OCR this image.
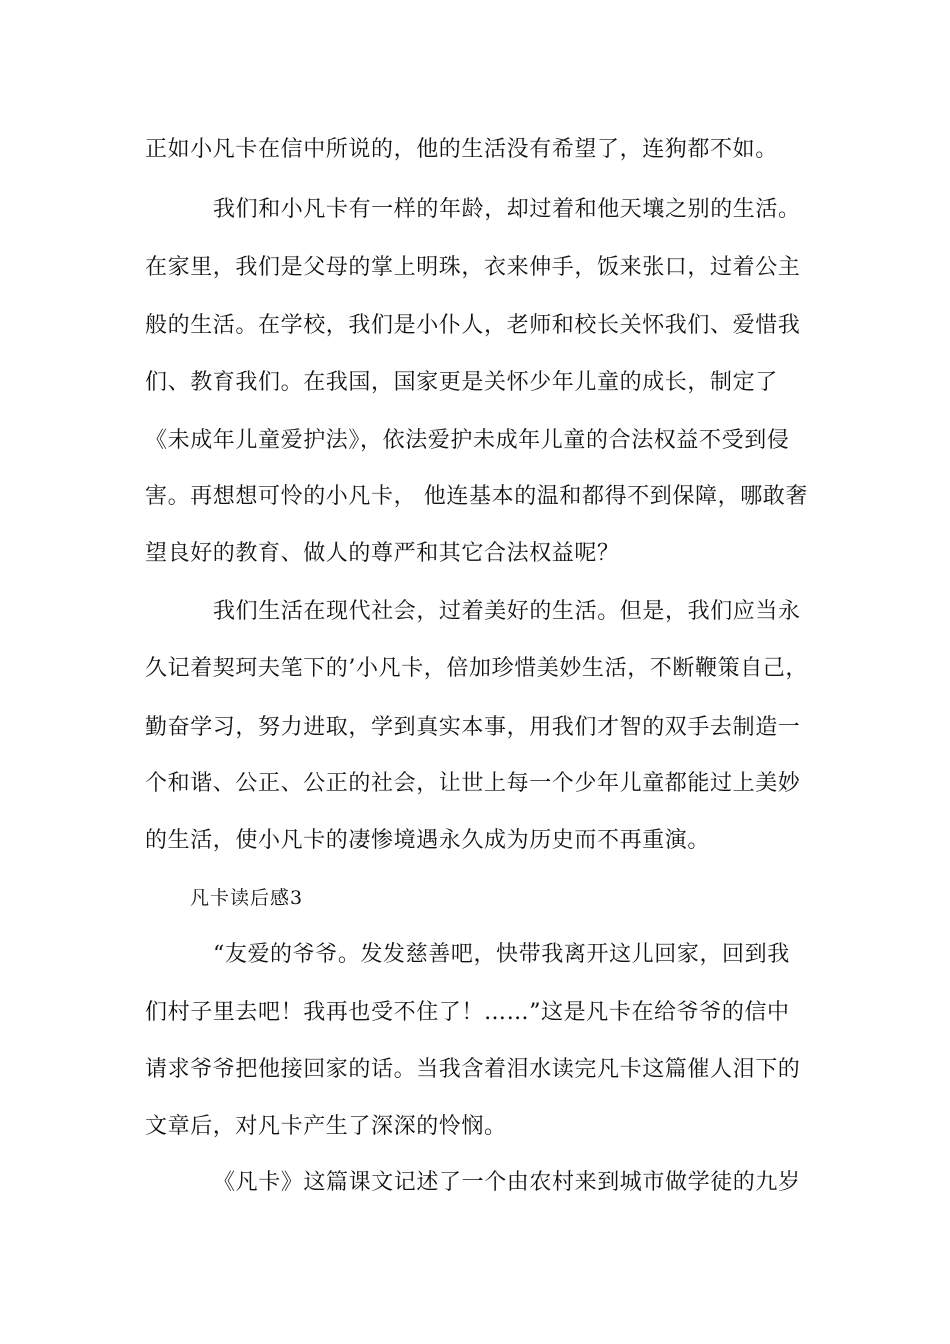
正如小凡卡在信中所说的，他的生活没有希望了，连狗都不如。
我们和小凡卡有一样的年龄，却过着和他天壤之别的生活。
在家里，我们是父母的掌上明珠，衣来伸手，饭来张口，过着公主
般的生活。在学校，我们是小仆人，老师和校长关怀我们、爱惜我
们、教育我们。在我国，国家更是关怀少年儿童的成长，制定了
《未成年儿童爱护法》，依法爱护未成年儿童的合法权益不受到侵
害。再想想可怜的小凡卡， 他连基本的温和都得不到保障，哪敢奢
望良好的教育、做人的尊严和其它合法权益呢？
我们生活在现代社会，过着美好的生活。但是，我们应当永
久记着契珂夫笔下的’小凡卡，倍加珍惜美妙生活，不断鞭策自己，
勤奋学习，努力进取，学到真实本事，用我们才智的双手去制造一
个和谐、公正、公正的社会，让世上每一个少年儿童都能过上美妙
的生活，使小凡卡的凄惨境遇永久成为历史而不再重演。
凡卡读后感3
“友爱的爷爷。发发慈善吧，快带我离开这儿回家，回到我
们村子里去吧！我再也受不住了！……”这是凡卡在给爷爷的信中
请求爷爷把他接回家的话。当我含着泪水读完凡卡这篇催人泪下的
文章后，对凡卡产生了深深的怜悯。
《凡卡》这篇课文记述了一个由农村来到城市做学徒的九岁
